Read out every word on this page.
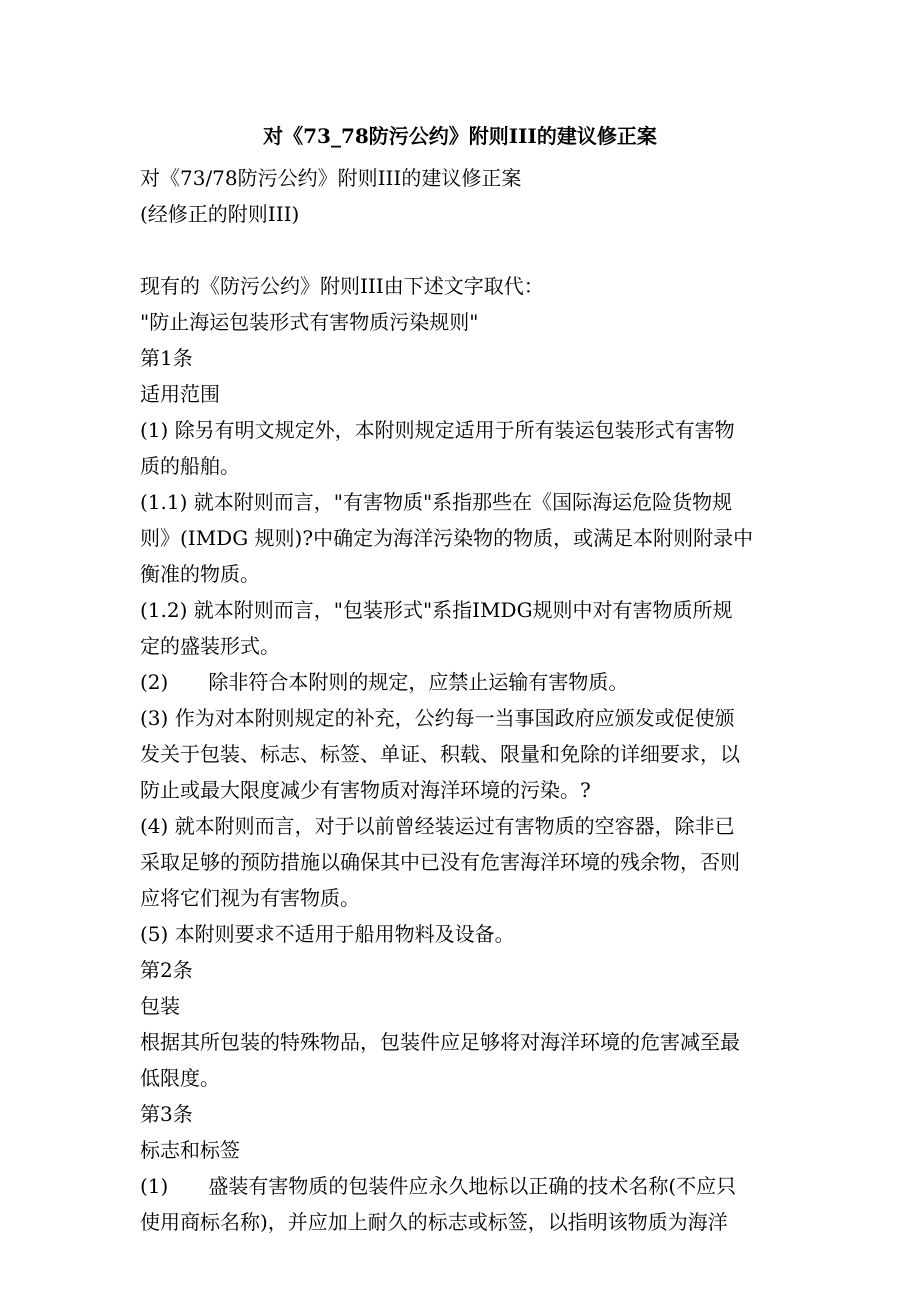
对《73_78防污公约》附则III的建议修正案
对《73/78防污公约》附则III的建议修正案
(经修正的附则III)
现有的《防污公约》附则III由下述文字取代：
"防止海运包装形式有害物质污染规则"
第1条
适用范围
(1) 除另有明文规定外，本附则规定适用于所有装运包装形式有害物
质的船舶。
(1.1) 就本附则而言，"有害物质"系指那些在《国际海运危险货物规
则》(IMDG 规则)?中确定为海洋污染物的物质，或满足本附则附录中
衡准的物质。
(1.2) 就本附则而言，"包装形式"系指IMDG规则中对有害物质所规
定的盛装形式。
(2)　　除非符合本附则的规定，应禁止运输有害物质。
(3) 作为对本附则规定的补充，公约每一当事国政府应颁发或促使颁
发关于包装、标志、标签、单证、积载、限量和免除的详细要求，以
防止或最大限度减少有害物质对海洋环境的污染。?
(4) 就本附则而言，对于以前曾经装运过有害物质的空容器，除非已
采取足够的预防措施以确保其中已没有危害海洋环境的残余物，否则
应将它们视为有害物质。
(5) 本附则要求不适用于船用物料及设备。
第2条
包装
根据其所包装的特殊物品，包装件应足够将对海洋环境的危害减至最
低限度。
第3条
标志和标签
(1)　　盛装有害物质的包装件应永久地标以正确的技术名称(不应只
使用商标名称)，并应加上耐久的标志或标签，以指明该物质为海洋
